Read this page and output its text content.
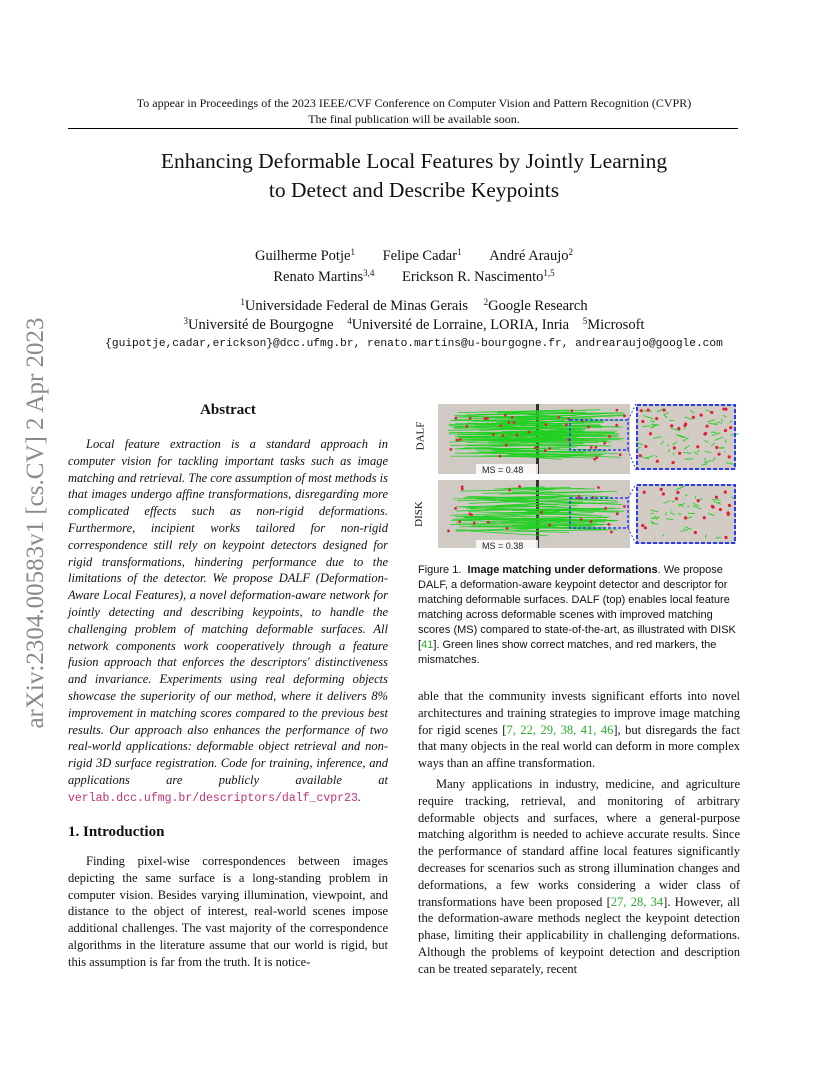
To appear in Proceedings of the 2023 IEEE/CVF Conference on Computer Vision and Pattern Recognition (CVPR)
The final publication will be available soon.
Enhancing Deformable Local Features by Jointly Learning
to Detect and Describe Keypoints
Guilherme Potje$^1$ Felipe Cadar$^1$ André Araujo$^2$
Renato Martins$^{3,4}$ Erickson R. Nascimento$^{1,5}$
$^1$Universidade Federal de Minas Gerais $^2$Google Research
$^3$Université de Bourgogne $^4$Université de Lorraine, LORIA, Inria $^5$Microsoft
{guipotje,cadar,erickson}@dcc.ufmg.br, renato.martins@u-bourgogne.fr, andrearaujo@google.com
arXiv:2304.00583v1 [cs.CV] 2 Apr 2023	Abstract

Local feature extraction is a standard approach in computer vision for tackling important tasks such as image matching and retrieval. The core assumption of most methods is that images undergo affine transformations, disregarding more complicated effects such as non-rigid deformations. Furthermore, incipient works tailored for non-rigid correspondence still rely on keypoint detectors designed for rigid transformations, hindering performance due to the limitations of the detector. We propose DALF (Deformation-Aware Local Features), a novel deformation-aware network for jointly detecting and describing keypoints, to handle the challenging problem of matching deformable surfaces. All network components work cooperatively through a feature fusion approach that enforces the descriptors' distinctiveness and invariance. Experiments using real deforming objects showcase the superiority of our method, where it delivers 8% improvement in matching scores compared to the previous best results. Our approach also enhances the performance of two real-world applications: deformable object retrieval and non-rigid 3D surface registration. Code for training, inference, and applications are publicly available at verlab.dcc.ufmg.br/descriptors/dalf_cvpr23.

1. Introduction

Finding pixel-wise correspondences between images depicting the same surface is a long-standing problem in computer vision. Besides varying illumination, viewpoint, and distance to the object of interest, real-world scenes impose additional challenges. The vast majority of the correspondence algorithms in the literature assume that our world is rigid, but this assumption is far from the truth. It is notice-

DALF
DISK
MS = 0.48
MS = 0.38
Figure 1. Image matching under deformations. We propose DALF, a deformation-aware keypoint detector and descriptor for matching deformable surfaces. DALF (top) enables local feature matching across deformable scenes with improved matching scores (MS) compared to state-of-the-art, as illustrated with DISK [41]. Green lines show correct matches, and red markers, the mismatches.

able that the community invests significant efforts into novel architectures and training strategies to improve image matching for rigid scenes [7, 22, 29, 38, 41, 46], but disregards the fact that many objects in the real world can deform in more complex ways than an affine transformation.

Many applications in industry, medicine, and agriculture require tracking, retrieval, and monitoring of arbitrary deformable objects and surfaces, where a general-purpose matching algorithm is needed to achieve accurate results. Since the performance of standard affine local features significantly decreases for scenarios such as strong illumination changes and deformations, a few works considering a wider class of transformations have been proposed [27, 28, 34]. However, all the deformation-aware methods neglect the keypoint detection phase, limiting their applicability in challenging deformations. Although the problems of keypoint detection and description can be treated separately, recent
